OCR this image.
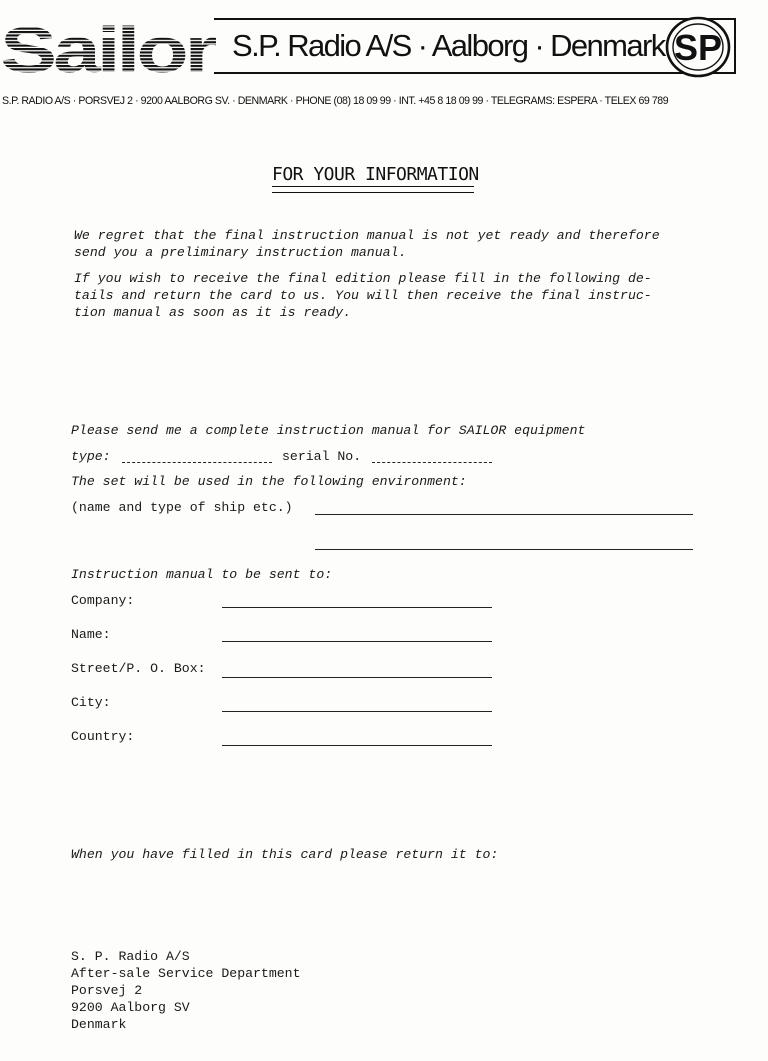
S.P. Radio A/S · Aalborg · Denmark SP
S.P. RADIO A/S · PORSVEJ 2 · 9200 AALBORG SV. · DENMARK · PHONE (08) 18 09 99 · INT. +45 8 18 09 99 · TELEGRAMS: ESPERA · TELEX 69 789
FOR YOUR INFORMATION
We regret that the final instruction manual is not yet ready and therefore
send you a preliminary instruction manual.
If you wish to receive the final edition please fill in the following de-
tails and return the card to us. You will then receive the final instruc-
tion manual as soon as it is ready.
Please send me a complete instruction manual for SAILOR equipment
type:	serial No.
The set will be used in the following environment:
(name and type of ship etc.)
Instruction manual to be sent to:
Company:
Name:
Street/P. O. Box:
City:
Country:
When you have filled in this card please return it to:
S. P. Radio A/S
After-sale Service Department
Porsvej 2
9200 Aalborg SV
Denmark
